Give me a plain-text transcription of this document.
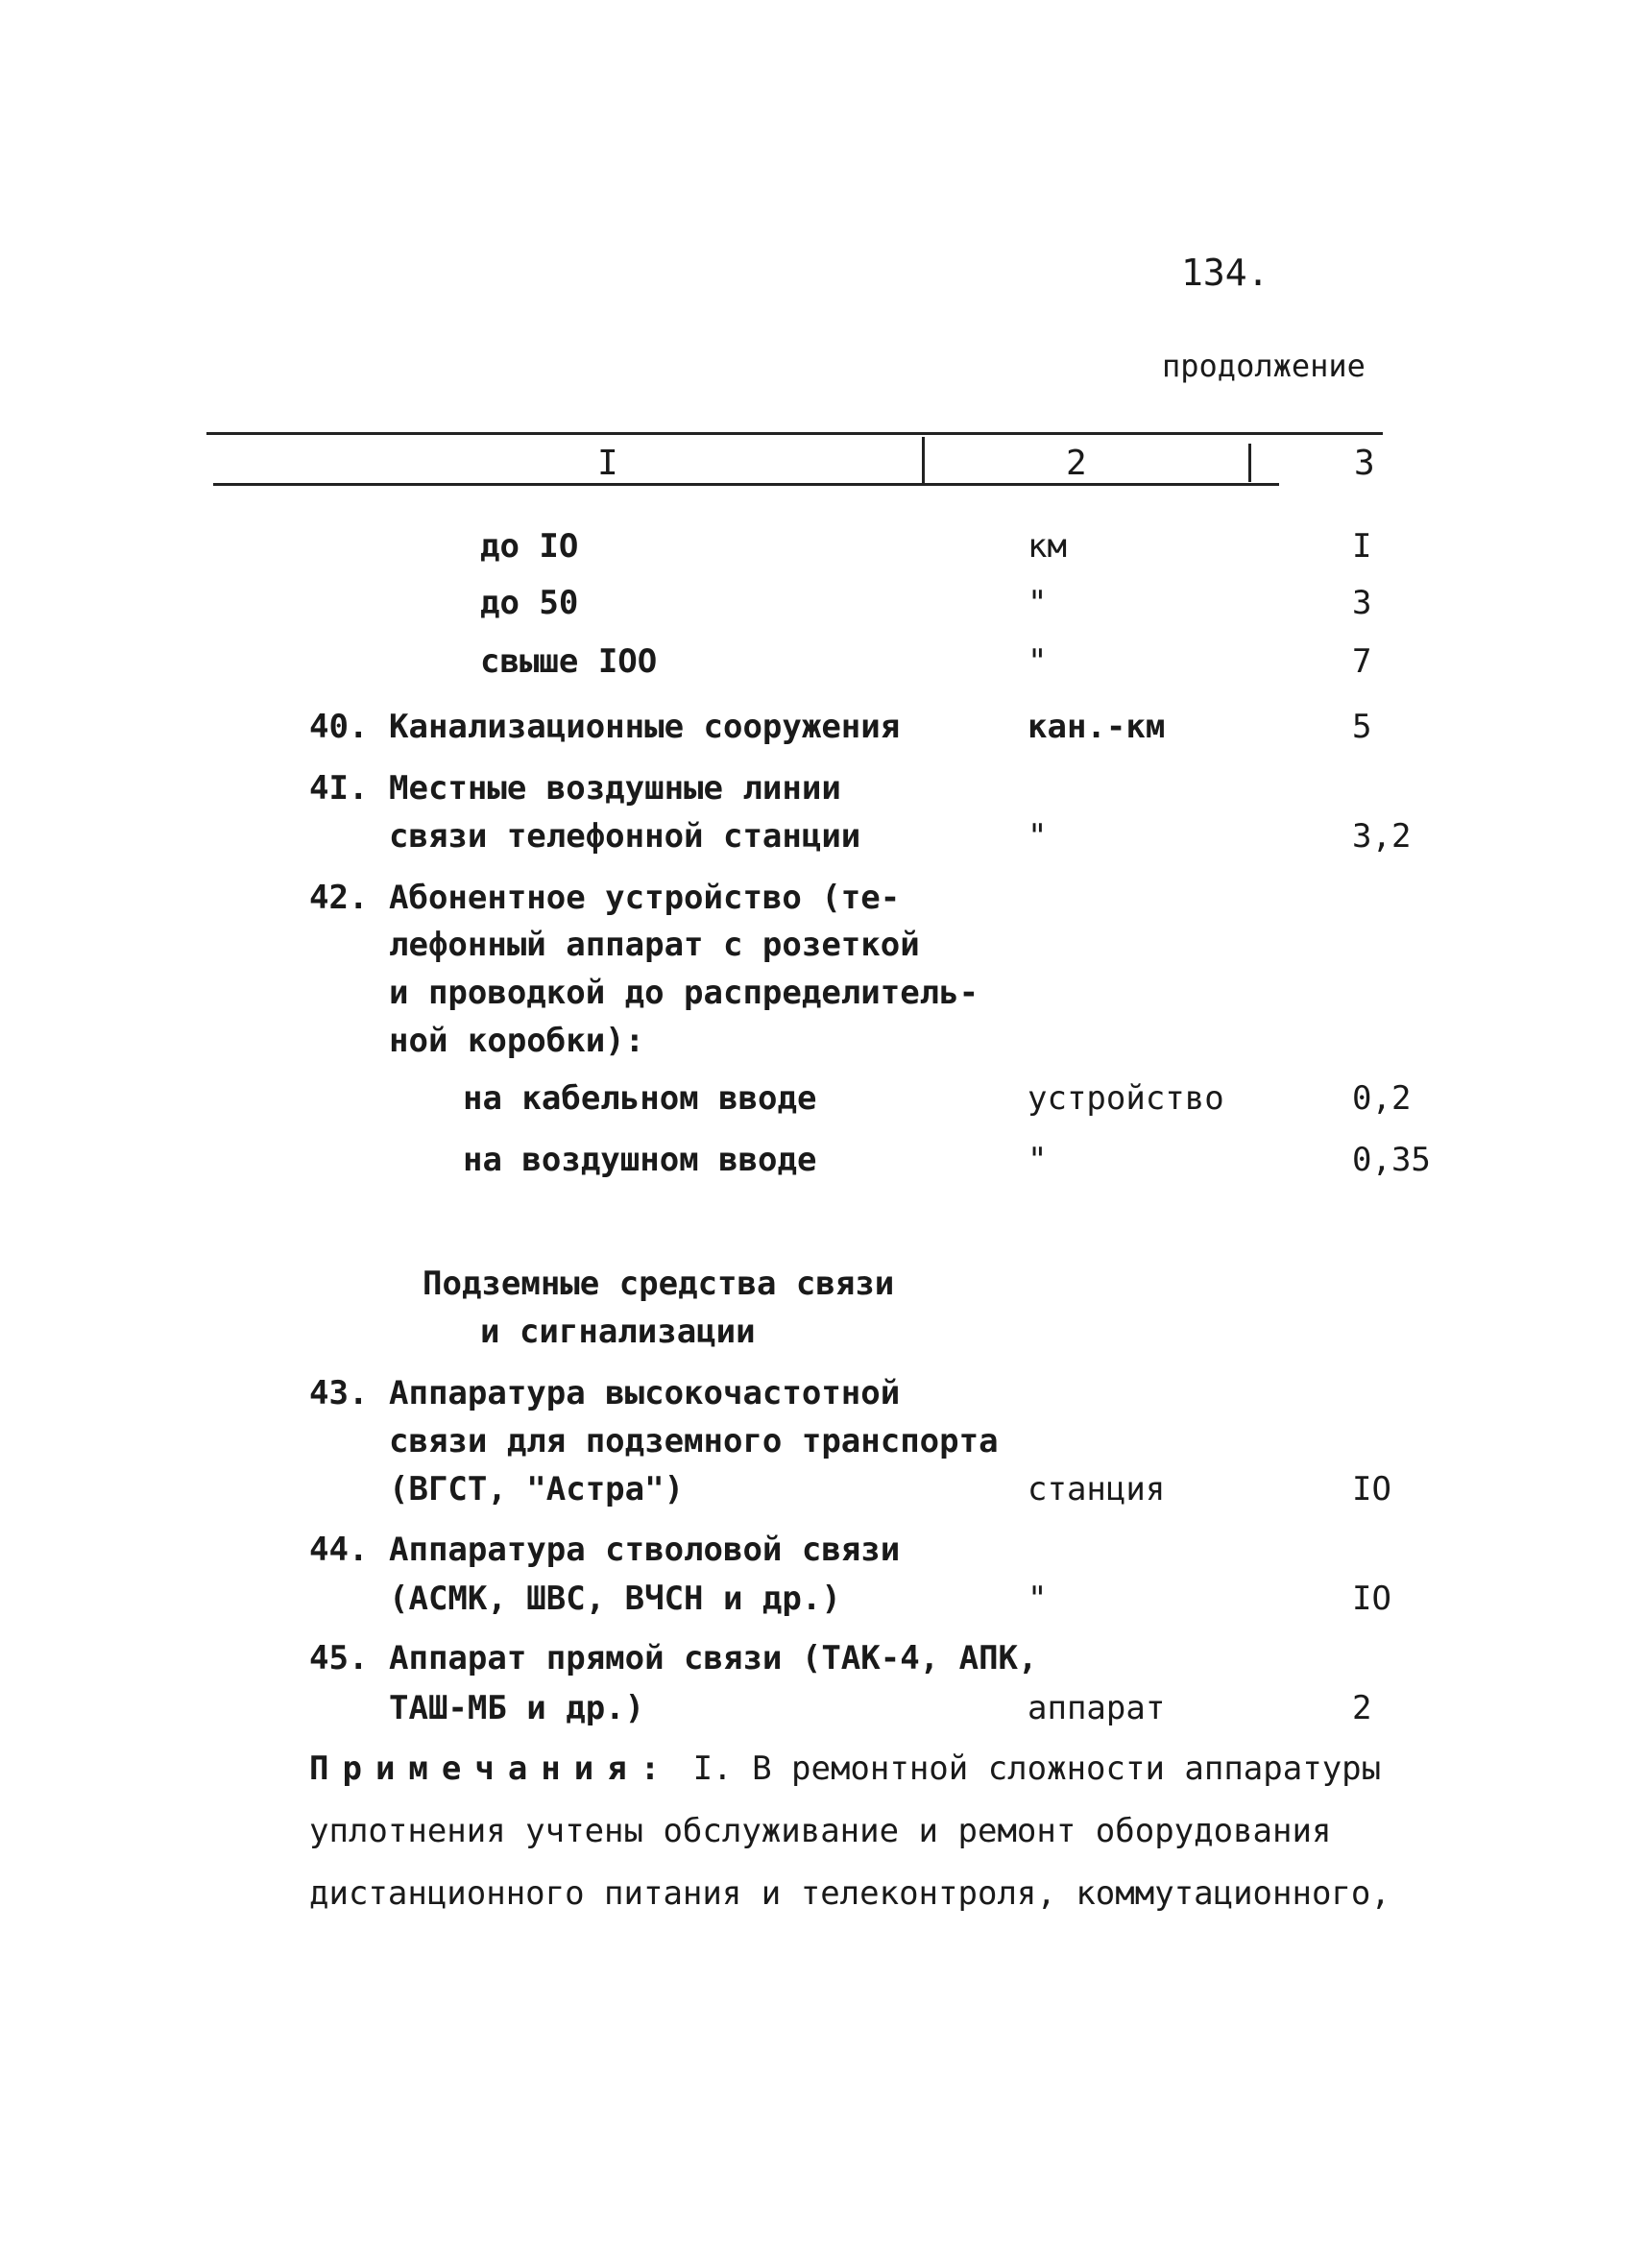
134.
продолжение
I	2	3
до IO	км	I
до 50	"	3
свыше IOO	"	7
40. Канализационные сооружения	кан.-км	5
4I. Местные воздушные линии
связи телефонной станции	"	3,2
42. Абонентное устройство (те-
лефонный аппарат с розеткой
и проводкой до распределитель-
ной коробки):
на кабельном вводе	устройство	0,2
на воздушном вводе	"	0,35
Подземные средства связи
и сигнализации
43. Аппаратура высокочастотной
связи для подземного транспорта
(ВГСТ, "Астра")	станция	IO
44. Аппаратура стволовой связи
(АСМК, ШВС, ВЧСН и др.)	"	IO
45. Аппарат прямой связи (ТАК-4, АПК,
ТАШ-МБ и др.)	аппарат	2
Примечания: I. В ремонтной сложности аппаратуры
уплотнения учтены обслуживание и ремонт оборудования
дистанционного питания и телеконтроля, коммутационного,
